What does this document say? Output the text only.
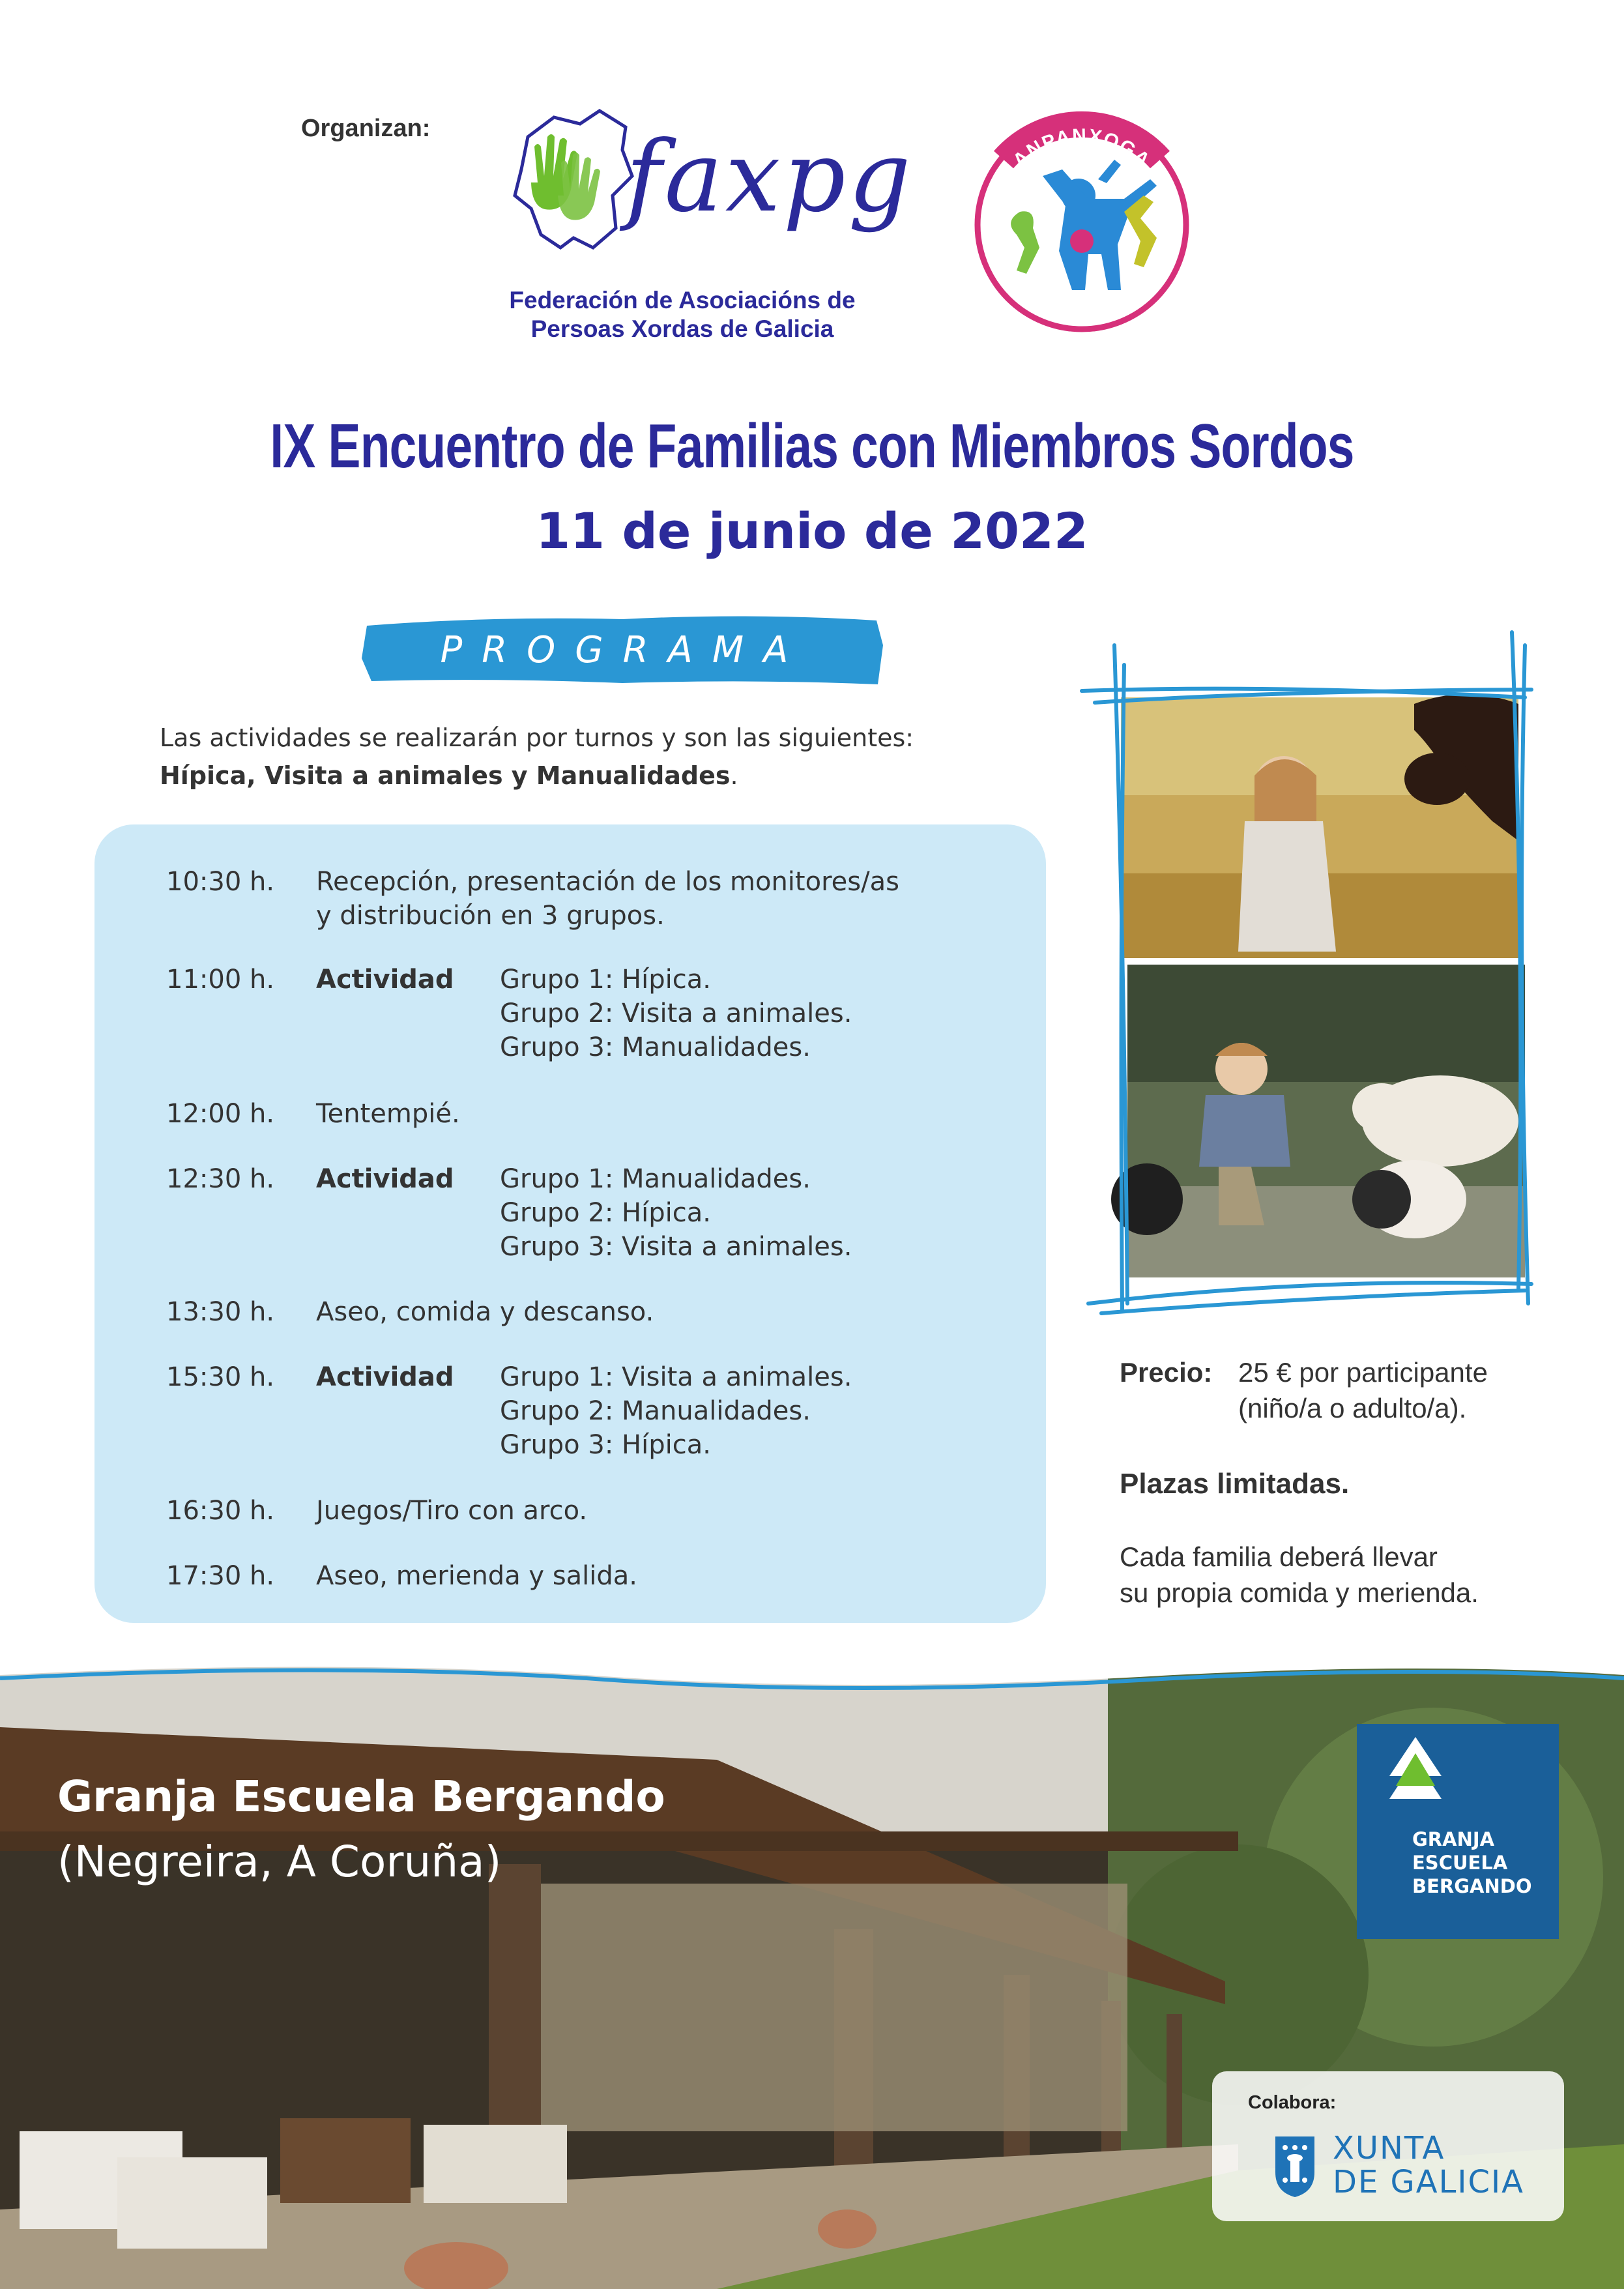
Organizan: faxpg
Federación de Asociacións de
Persoas Xordas de Galicia
ANPANXOGA
IX Encuentro de Familias con Miembros Sordos
11 de junio de 2022
PROGRAMA
Las actividades se realizarán por turnos y son las siguientes:
Hípica, Visita a animales y Manualidades.
10:30 h.	Recepción, presentación de los monitores/as
y distribución en 3 grupos.
11:00 h.	Actividad Grupo 1: Hípica.
Grupo 2: Visita a animales.
Grupo 3: Manualidades.
12:00 h.	Tentempié.
12:30 h.	Actividad Grupo 1: Manualidades.
Grupo 2: Hípica.
Grupo 3: Visita a animales.
13:30 h.	Aseo, comida y descanso.
15:30 h.	Actividad Grupo 1: Visita a animales.
Grupo 2: Manualidades.
Grupo 3: Hípica.
16:30 h.	Juegos/Tiro con arco.
17:30 h.	Aseo, merienda y salida.
Precio: 25 € por participante
(niño/a o adulto/a).
Plazas limitadas.
Cada familia deberá llevar
su propia comida y merienda.
Granja Escuela Bergando
(Negreira, A Coruña)	GRANJA
ESCUELA
BERGANDO
Colabora:
XUNTA
DE GALICIA
